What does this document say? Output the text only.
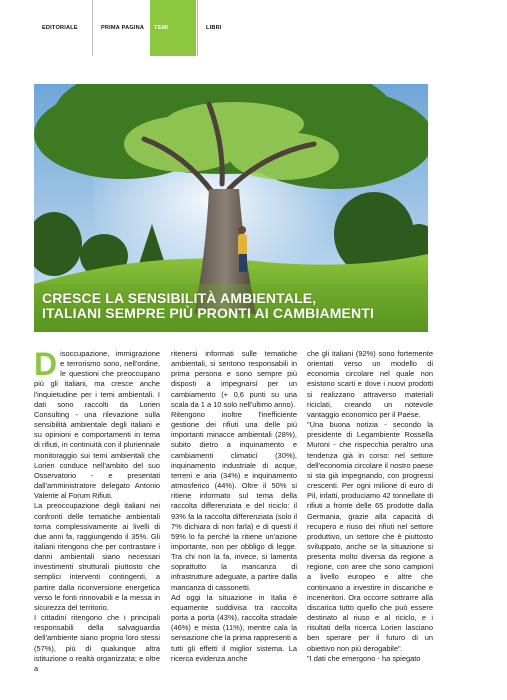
EDITORIALE	PRIMA PAGINA	TEMI	LIBRI
CRESCE LA SENSIBILITÀ AMBIENTALE,
ITALIANI SEMPRE PIÙ PRONTI AI CAMBIAMENTI
D isoccupazione, immigrazione e terrorismo sono, nell'ordine, le questioni che preoccupano più gli italiani, ma cresce anche l'inquietudine per i temi ambientali. I dati sono raccolti da Lorien Consulting - una rilevazione sulla sensibilità ambientale degli italiani e su opinioni e comportamenti in tema di rifiuti, in continuità con il pluriennale monitoraggio sui temi ambientali che Lorien conduce nell'ambito del suo Osservatorio - e presentati dall'amministratore delegato Antonio Valente al Forum Rifiuti.

La preoccupazione degli italiani nei confronti delle tematiche ambientali torna complessivamente ai livelli di due anni fa, raggiungendo il 35%. Gli italiani ritengono che per contrastare i danni ambientali siano necessari investimenti strutturali piuttosto che semplici interventi contingenti, a partire dalla riconversione energetica verso le fonti rinnovabili e la messa in sicurezza del territorio.

I cittadini ritengono che i principali responsabili della salvaguardia dell'ambiente siano proprio loro stessi (57%), più di qualunque altra istituzione o realtà organizzata; e oltre a

ritenersi informati sulle tematiche ambientali, si sentono responsabili in prima persona e sono sempre più disposti a impegnarsi per un cambiamento (+ 0,6 punti su una scala da 1 a 10 solo nell'ultimo anno).

Ritengono inoltre l'inefficiente gestione dei rifiuti una delle più importanti minacce ambientali (28%), subito dietro a inquinamento e cambiamenti climatici (30%), inquinamento industriale di acque, terreni e aria (34%) e inquinamento atmosferico (44%). Oltre il 50% si ritiene informato sul tema della raccolta differenziata e del riciclo: il 93% fa la raccolta differenziata (solo il 7% dichiara di non farla) e di questi il 59% lo fa perché la ritiene un'azione importante, non per obbligo di legge. Tra chi non la fa, invece, si lamenta soprattutto la mancanza di infrastrutture adeguate, a partire dalla mancanza di cassonetti.

Ad oggi la situazione in Italia è equamente suddivisa tra raccolta porta a porta (43%), raccolta stradale (46%) e mista (11%), mentre cala la sensazione che la prima rappresenti a tutti gli effetti il miglior sistema. La ricerca evidenza anche

che gli italiani (92%) sono fortemente orientati verso un modello di economia circolare nel quale non esistono scarti e dove i nuovi prodotti si realizzano attraverso materiali riciclati, creando un notevole vantaggio economico per il Paese.

"Una buona notizia - secondo la presidente di Legambiente Rossella Muroni - che rispecchia peraltro una tendenza già in corso: nel settore dell'economia circolare il nostro paese si sta già impegnando, con progressi crescenti. Per ogni milione di euro di Pil, infatti, produciamo 42 tonnellate di rifiuti a fronte delle 65 prodotte dalla Germania, grazie alla capacità di recupero e riuso dei rifiuti nel settore produttivo, un settore che è piuttosto sviluppato, anche se la situazione si presenta molto diversa da regione a regione, con aree che sono campioni a livello europeo e altre che continuano a investire in discariche e inceneritori. Ora occorre sottrarre alla discarica tutto quello che può essere destinato al riuso e al riciclo, e i risultati della ricerca Lorien lasciano ben sperare per il futuro di un obiettivo non più derogabile".

"I dati che emergono - ha spiegato
